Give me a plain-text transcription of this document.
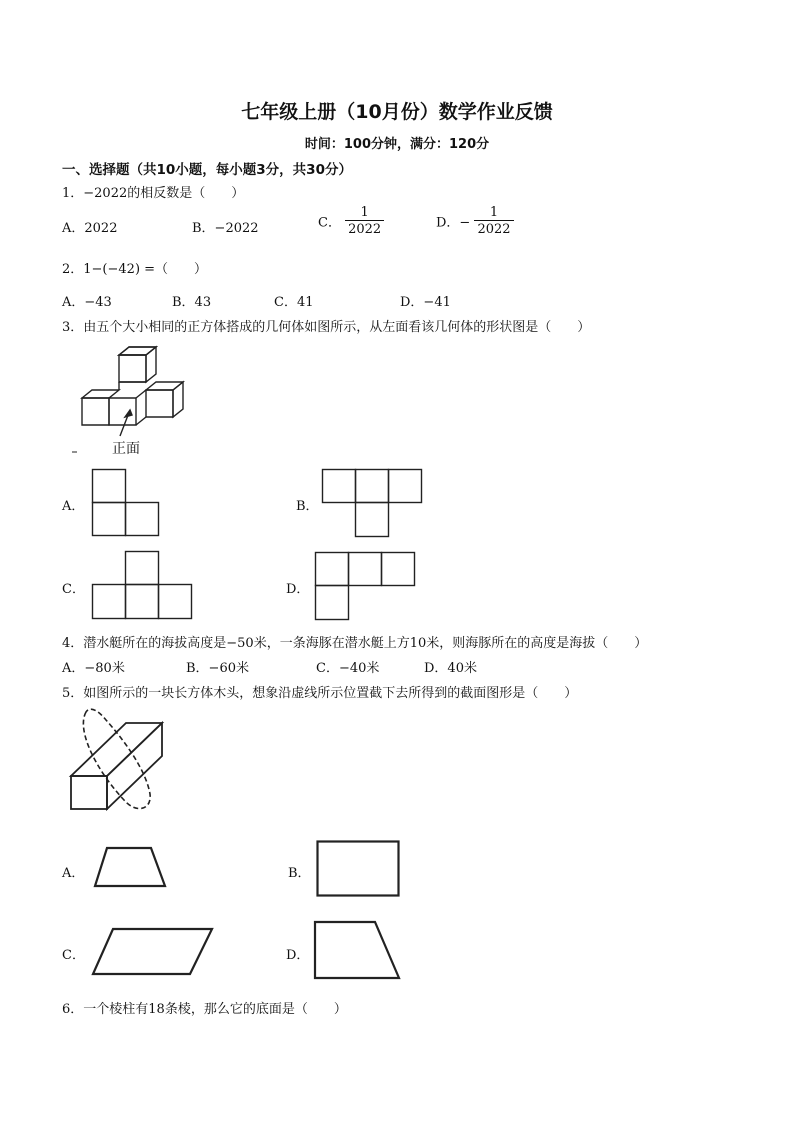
七年级上册（10月份）数学作业反馈
时间：100分钟，满分：120分
一、选择题（共10小题，每小题3分，共30分）
1．−2022的相反数是（　　）
A．2022	B．−2022	C． $\frac{1}{2022}$	D．− $\frac{1}{2022}$
2．1−(−42) =（　　）
A．−43	B．43	C．41	D．−41
3．由五个大小相同的正方体搭成的几何体如图所示，从左面看该几何体的形状图是（　　）
正面
A．	B．
C．	D．
4．潜水艇所在的海拔高度是−50米，一条海豚在潜水艇上方10米，则海豚所在的高度是海拔（　　）
A．−80米	B．−60米	C．−40米	D．40米
5．如图所示的一块长方体木头，想象沿虚线所示位置截下去所得到的截面图形是（　　）
A．	B．
C．	D．
6．一个棱柱有18条棱，那么它的底面是（　　）
